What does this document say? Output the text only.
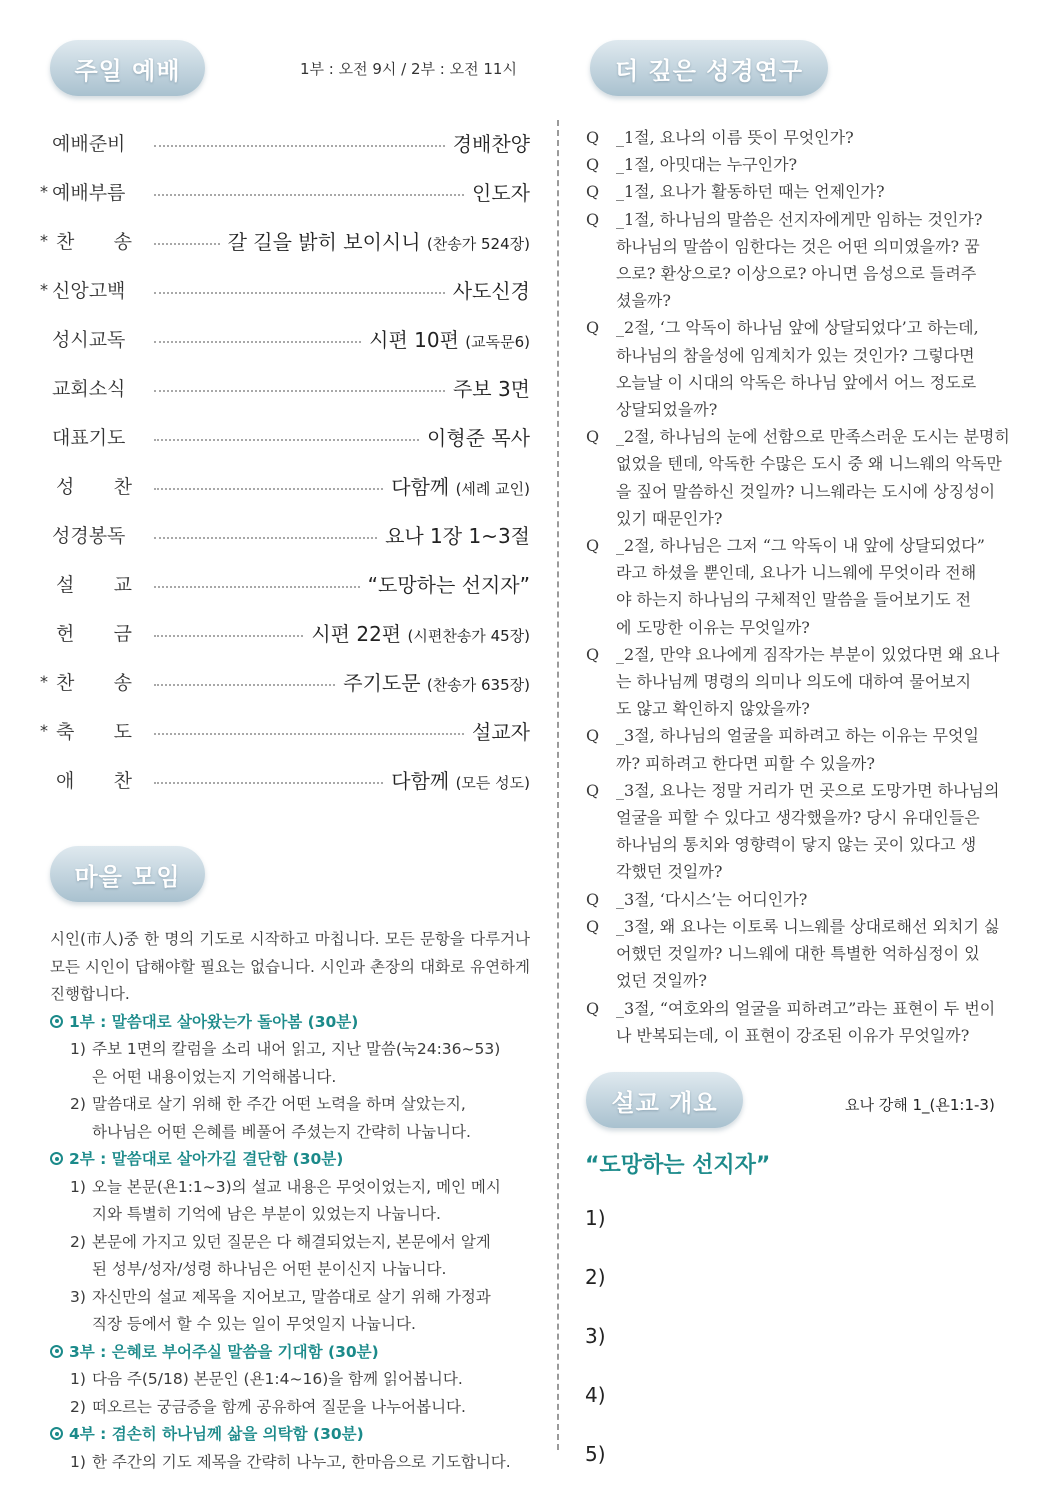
주일 예배	1부 : 오전 9시 / 2부 : 오전 11시
예배준비	경배찬양
* 예배부름	인도자
* 찬 송	갈 길을 밝히 보이시니 (찬송가 524장)
* 신앙고백	사도신경
성시교독	시편 10편 (교독문6)
교회소식	주보 3면
대표기도	이형준 목사
성 찬	다함께 (세례 교인)
성경봉독	요나 1장 1~3절
설 교	“도망하는 선지자”
헌 금	시편 22편 (시편찬송가 45장)
* 찬 송	주기도문 (찬송가 635장)
* 축 도	설교자
애 찬	다함께 (모든 성도)
마을 모임
시인(市人)중 한 명의 기도로 시작하고 마칩니다. 모든 문항을 다루거나 모든 시인이 답해야할 필요는 없습니다. 시인과 촌장의 대화로 유연하게 진행합니다.
1부 : 말씀대로 살아왔는가 돌아봄 (30분)
1) 주보 1면의 칼럼을 소리 내어 읽고, 지난 말씀(눅24:36~53)
은 어떤 내용이었는지 기억해봅니다.
2) 말씀대로 살기 위해 한 주간 어떤 노력을 하며 살았는지,
하나님은 어떤 은혜를 베풀어 주셨는지 간략히 나눕니다.
2부 : 말씀대로 살아가길 결단함 (30분)
1) 오늘 본문(욘1:1~3)의 설교 내용은 무엇이었는지, 메인 메시
지와 특별히 기억에 남은 부분이 있었는지 나눕니다.
2) 본문에 가지고 있던 질문은 다 해결되었는지, 본문에서 알게
된 성부/성자/성령 하나님은 어떤 분이신지 나눕니다.
3) 자신만의 설교 제목을 지어보고, 말씀대로 살기 위해 가정과
직장 등에서 할 수 있는 일이 무엇일지 나눕니다.
3부 : 은혜로 부어주실 말씀을 기대함 (30분)
1) 다음 주(5/18) 본문인 (욘1:4~16)을 함께 읽어봅니다.
2) 떠오르는 궁금증을 함께 공유하여 질문을 나누어봅니다.
4부 : 겸손히 하나님께 삶을 의탁함 (30분)
1) 한 주간의 기도 제목을 간략히 나누고, 한마음으로 기도합니다.
더 깊은 성경연구
Q	_1절, 요나의 이름 뜻이 무엇인가?
Q	_1절, 아밋대는 누구인가?
Q	_1절, 요나가 활동하던 때는 언제인가?
Q	_1절, 하나님의 말씀은 선지자에게만 임하는 것인가?
하나님의 말씀이 임한다는 것은 어떤 의미였을까? 꿈
으로? 환상으로? 이상으로? 아니면 음성으로 들려주
셨을까?
Q	_2절, ‘그 악독이 하나님 앞에 상달되었다’고 하는데,
하나님의 참을성에 임계치가 있는 것인가? 그렇다면
오늘날 이 시대의 악독은 하나님 앞에서 어느 정도로
상달되었을까?
Q	_2절, 하나님의 눈에 선함으로 만족스러운 도시는 분명히
없었을 텐데, 악독한 수많은 도시 중 왜 니느웨의 악독만
을 짚어 말씀하신 것일까? 니느웨라는 도시에 상징성이
있기 때문인가?
Q	_2절, 하나님은 그저 “그 악독이 내 앞에 상달되었다”
라고 하셨을 뿐인데, 요나가 니느웨에 무엇이라 전해
야 하는지 하나님의 구체적인 말씀을 들어보기도 전
에 도망한 이유는 무엇일까?
Q	_2절, 만약 요나에게 짐작가는 부분이 있었다면 왜 요나
는 하나님께 명령의 의미나 의도에 대하여 물어보지
도 않고 확인하지 않았을까?
Q	_3절, 하나님의 얼굴을 피하려고 하는 이유는 무엇일
까? 피하려고 한다면 피할 수 있을까?
Q	_3절, 요나는 정말 거리가 먼 곳으로 도망가면 하나님의
얼굴을 피할 수 있다고 생각했을까? 당시 유대인들은
하나님의 통치와 영향력이 닿지 않는 곳이 있다고 생
각했던 것일까?
Q	_3절, ‘다시스’는 어디인가?
Q	_3절, 왜 요나는 이토록 니느웨를 상대로해선 외치기 싫
어했던 것일까? 니느웨에 대한 특별한 억하심정이 있
었던 것일까?
Q	_3절, “여호와의 얼굴을 피하려고”라는 표현이 두 번이
나 반복되는데, 이 표현이 강조된 이유가 무엇일까?
설교 개요	요나 강해 1_(욘1:1-3)
“도망하는 선지자”
1)
2)
3)
4)
5)
